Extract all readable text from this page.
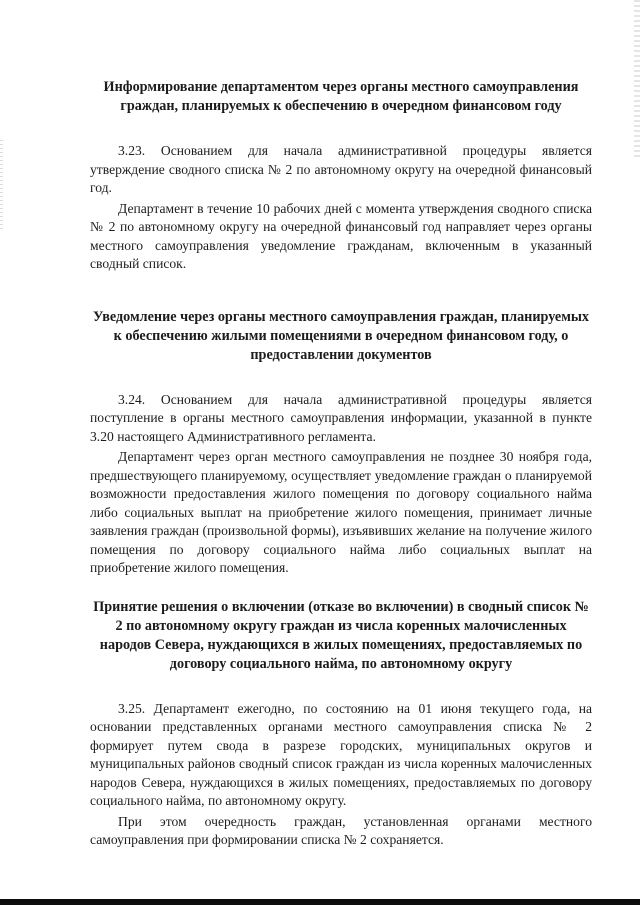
Информирование департаментом через органы местного самоуправления граждан, планируемых к обеспечению в очередном финансовом году

3.23. Основанием для начала административной процедуры является утверждение сводного списка № 2 по автономному округу на очередной финансовый год.

Департамент в течение 10 рабочих дней с момента утверждения сводного списка № 2 по автономному округу на очередной финансовый год направляет через органы местного самоуправления уведомление гражданам, включенным в указанный сводный список.

Уведомление через органы местного самоуправления граждан, планируемых к обеспечению жилыми помещениями в очередном финансовом году, о предоставлении документов

3.24. Основанием для начала административной процедуры является поступление в органы местного самоуправления информации, указанной в пункте 3.20 настоящего Административного регламента.

Департамент через орган местного самоуправления не позднее 30 ноября года, предшествующего планируемому, осуществляет уведомление граждан о планируемой возможности предоставления жилого помещения по договору социального найма либо социальных выплат на приобретение жилого помещения, принимает личные заявления граждан (произвольной формы), изъявивших желание на получение жилого помещения по договору социального найма либо социальных выплат на приобретение жилого помещения.

Принятие решения о включении (отказе во включении) в сводный список № 2 по автономному округу граждан из числа коренных малочисленных народов Севера, нуждающихся в жилых помещениях, предоставляемых по договору социального найма, по автономному округу

3.25. Департамент ежегодно, по состоянию на 01 июня текущего года, на основании представленных органами местного самоуправления списка № 2 формирует путем свода в разрезе городских, муниципальных округов и муниципальных районов сводный список граждан из числа коренных малочисленных народов Севера, нуждающихся в жилых помещениях, предоставляемых по договору социального найма, по автономному округу.

При этом очередность граждан, установленная органами местного самоуправления при формировании списка № 2 сохраняется.
